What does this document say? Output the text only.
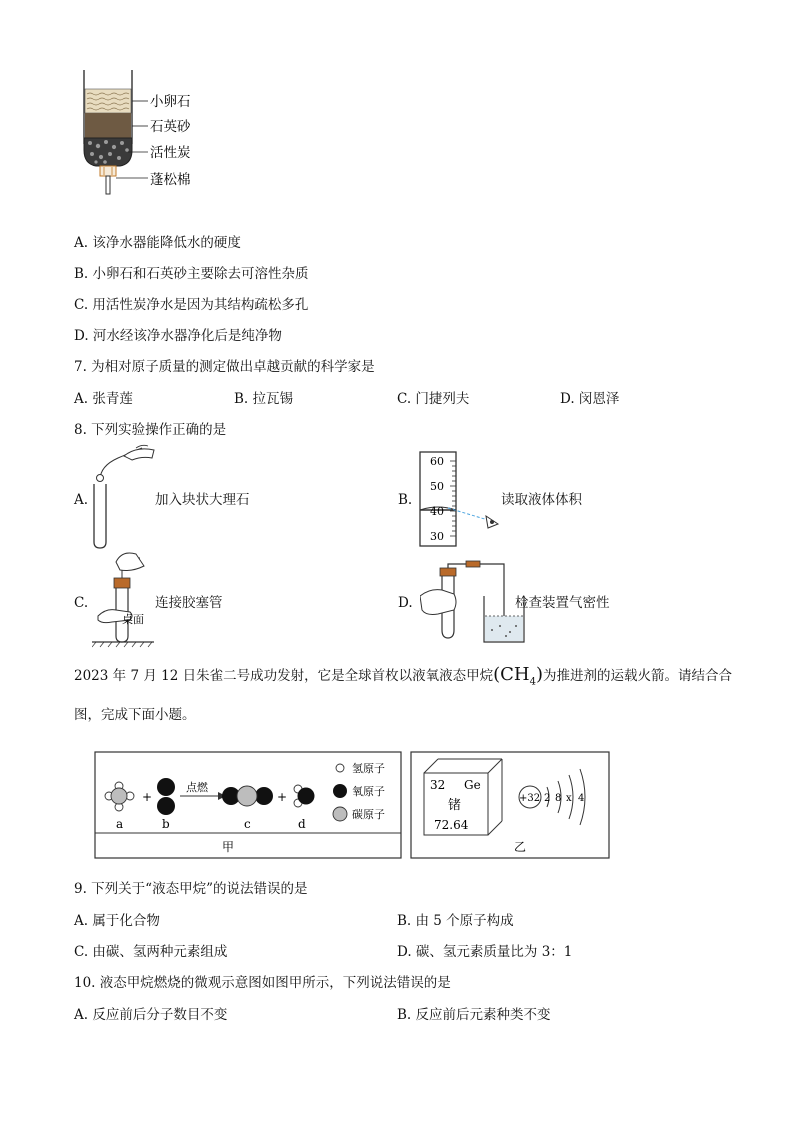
小卵石
石英砂
活性炭
蓬松棉
A. 该净水器能降低水的硬度
B. 小卵石和石英砂主要除去可溶性杂质
C. 用活性炭净水是因为其结构疏松多孔
D. 河水经该净水器净化后是纯净物
7. 为相对原子质量的测定做出卓越贡献的科学家是
A. 张青莲	B. 拉瓦锡	C. 门捷列夫	D. 闵恩泽
8. 下列实验操作正确的是
A.	加入块状大理石
60
50
40
30
B.	读取液体体积
桌面
C.	连接胶塞管	D.	检查装置气密性
2023 年 7 月 12 日朱雀二号成功发射，它是全球首枚以液氧液态甲烷$(CH_4)$为推进剂的运载火箭。请结合合
图，完成下面小题。
+
点燃
+
a	b	c	d
氢原子
氧原子
碳原子
甲
32 Ge
锗
72.64
+32 2 8 x 4
乙
9. 下列关于“液态甲烷”的说法错误的是
A. 属于化合物	B. 由 5 个原子构成
C. 由碳、氢两种元素组成	D. 碳、氢元素质量比为 3：1
10. 液态甲烷燃烧的微观示意图如图甲所示，下列说法错误的是
A. 反应前后分子数目不变	B. 反应前后元素种类不变
